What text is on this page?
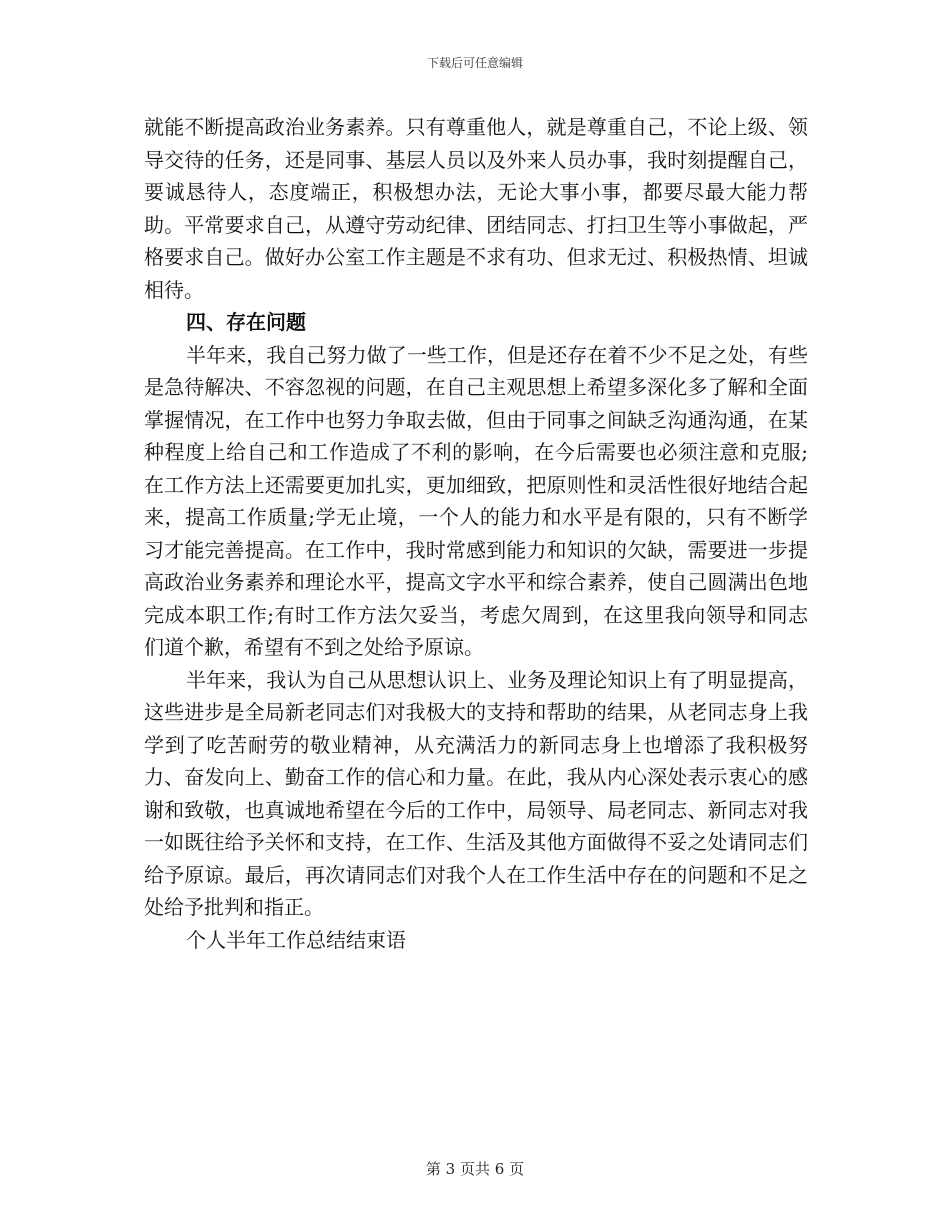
下载后可任意编辑

就能不断提高政治业务素养。只有尊重他人，就是尊重自己，不论上级、领导交待的任务，还是同事、基层人员以及外来人员办事，我时刻提醒自己，要诚恳待人，态度端正，积极想办法，无论大事小事，都要尽最大能力帮助。平常要求自己，从遵守劳动纪律、团结同志、打扫卫生等小事做起，严格要求自己。做好办公室工作主题是不求有功、但求无过、积极热情、坦诚相待。

四、存在问题

半年来，我自己努力做了一些工作，但是还存在着不少不足之处，有些是急待解决、不容忽视的问题，在自己主观思想上希望多深化多了解和全面掌握情况，在工作中也努力争取去做，但由于同事之间缺乏沟通沟通，在某种程度上给自己和工作造成了不利的影响，在今后需要也必须注意和克服;在工作方法上还需要更加扎实，更加细致，把原则性和灵活性很好地结合起来，提高工作质量;学无止境，一个人的能力和水平是有限的，只有不断学习才能完善提高。在工作中，我时常感到能力和知识的欠缺，需要进一步提高政治业务素养和理论水平，提高文字水平和综合素养，使自己圆满出色地完成本职工作;有时工作方法欠妥当，考虑欠周到，在这里我向领导和同志们道个歉，希望有不到之处给予原谅。

半年来，我认为自己从思想认识上、业务及理论知识上有了明显提高，这些进步是全局新老同志们对我极大的支持和帮助的结果，从老同志身上我学到了吃苦耐劳的敬业精神，从充满活力的新同志身上也增添了我积极努力、奋发向上、勤奋工作的信心和力量。在此，我从内心深处表示衷心的感谢和致敬，也真诚地希望在今后的工作中，局领导、局老同志、新同志对我一如既往给予关怀和支持，在工作、生活及其他方面做得不妥之处请同志们给予原谅。最后，再次请同志们对我个人在工作生活中存在的问题和不足之处给予批判和指正。

个人半年工作总结结束语

第 3 页共 6 页
